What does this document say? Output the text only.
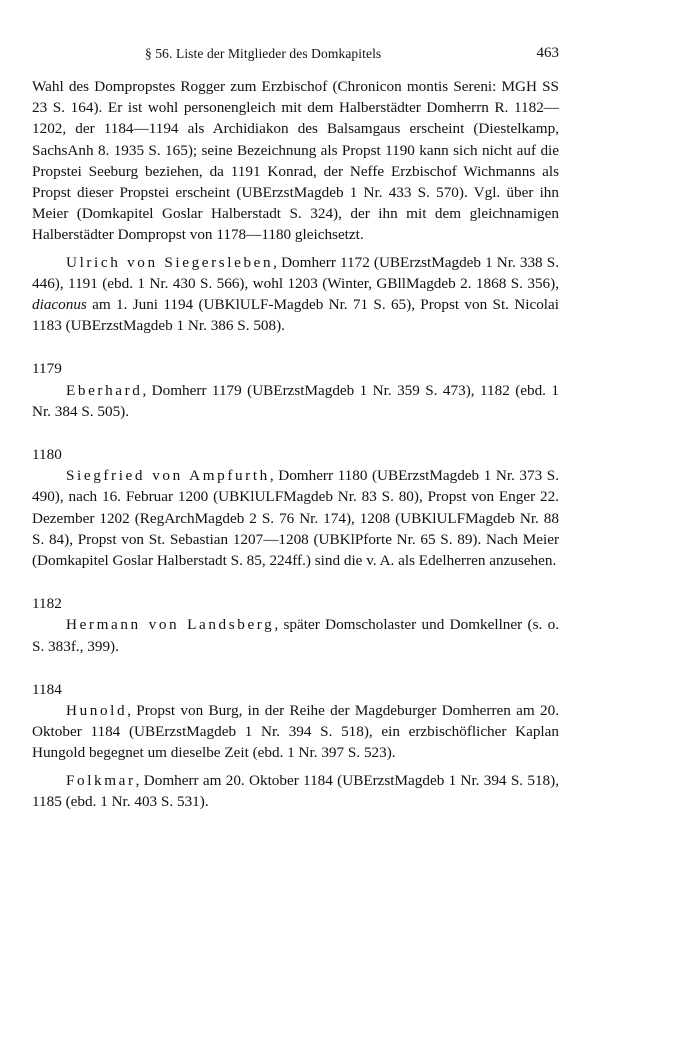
§ 56. Liste der Mitglieder des Domkapitels	463

Wahl des Dompropstes Rogger zum Erzbischof (Chronicon montis Sereni: MGH SS 23 S. 164). Er ist wohl personengleich mit dem Halberstädter Domherrn R. 1182—1202, der 1184—1194 als Archidiakon des Balsamgaus erscheint (Diestelkamp, SachsAnh 8. 1935 S. 165); seine Bezeichnung als Propst 1190 kann sich nicht auf die Propstei Seeburg beziehen, da 1191 Konrad, der Neffe Erzbischof Wichmanns als Propst dieser Propstei erscheint (UBErzstMagdeb 1 Nr. 433 S. 570). Vgl. über ihn Meier (Domkapitel Goslar Halberstadt S. 324), der ihn mit dem gleichnamigen Halberstädter Dompropst von 1178—1180 gleichsetzt.

Ulrich von Siegersleben, Domherr 1172 (UBErzstMagdeb 1 Nr. 338 S. 446), 1191 (ebd. 1 Nr. 430 S. 566), wohl 1203 (Winter, GBllMagdeb 2. 1868 S. 356), diaconus am 1. Juni 1194 (UBKlULF-Magdeb Nr. 71 S. 65), Propst von St. Nicolai 1183 (UBErzstMagdeb 1 Nr. 386 S. 508).

1179

Eberhard, Domherr 1179 (UBErzstMagdeb 1 Nr. 359 S. 473), 1182 (ebd. 1 Nr. 384 S. 505).

1180

Siegfried von Ampfurth, Domherr 1180 (UBErzstMagdeb 1 Nr. 373 S. 490), nach 16. Februar 1200 (UBKlULFMagdeb Nr. 83 S. 80), Propst von Enger 22. Dezember 1202 (RegArchMagdeb 2 S. 76 Nr. 174), 1208 (UBKlULFMagdeb Nr. 88 S. 84), Propst von St. Sebastian 1207—1208 (UBKlPforte Nr. 65 S. 89). Nach Meier (Domkapitel Goslar Halberstadt S. 85, 224ff.) sind die v. A. als Edelherren anzusehen.

1182

Hermann von Landsberg, später Domscholaster und Domkellner (s. o. S. 383f., 399).

1184

Hunold, Propst von Burg, in der Reihe der Magdeburger Domherren am 20. Oktober 1184 (UBErzstMagdeb 1 Nr. 394 S. 518), ein erzbischöflicher Kaplan Hungold begegnet um dieselbe Zeit (ebd. 1 Nr. 397 S. 523).

Folkmar, Domherr am 20. Oktober 1184 (UBErzstMagdeb 1 Nr. 394 S. 518), 1185 (ebd. 1 Nr. 403 S. 531).
